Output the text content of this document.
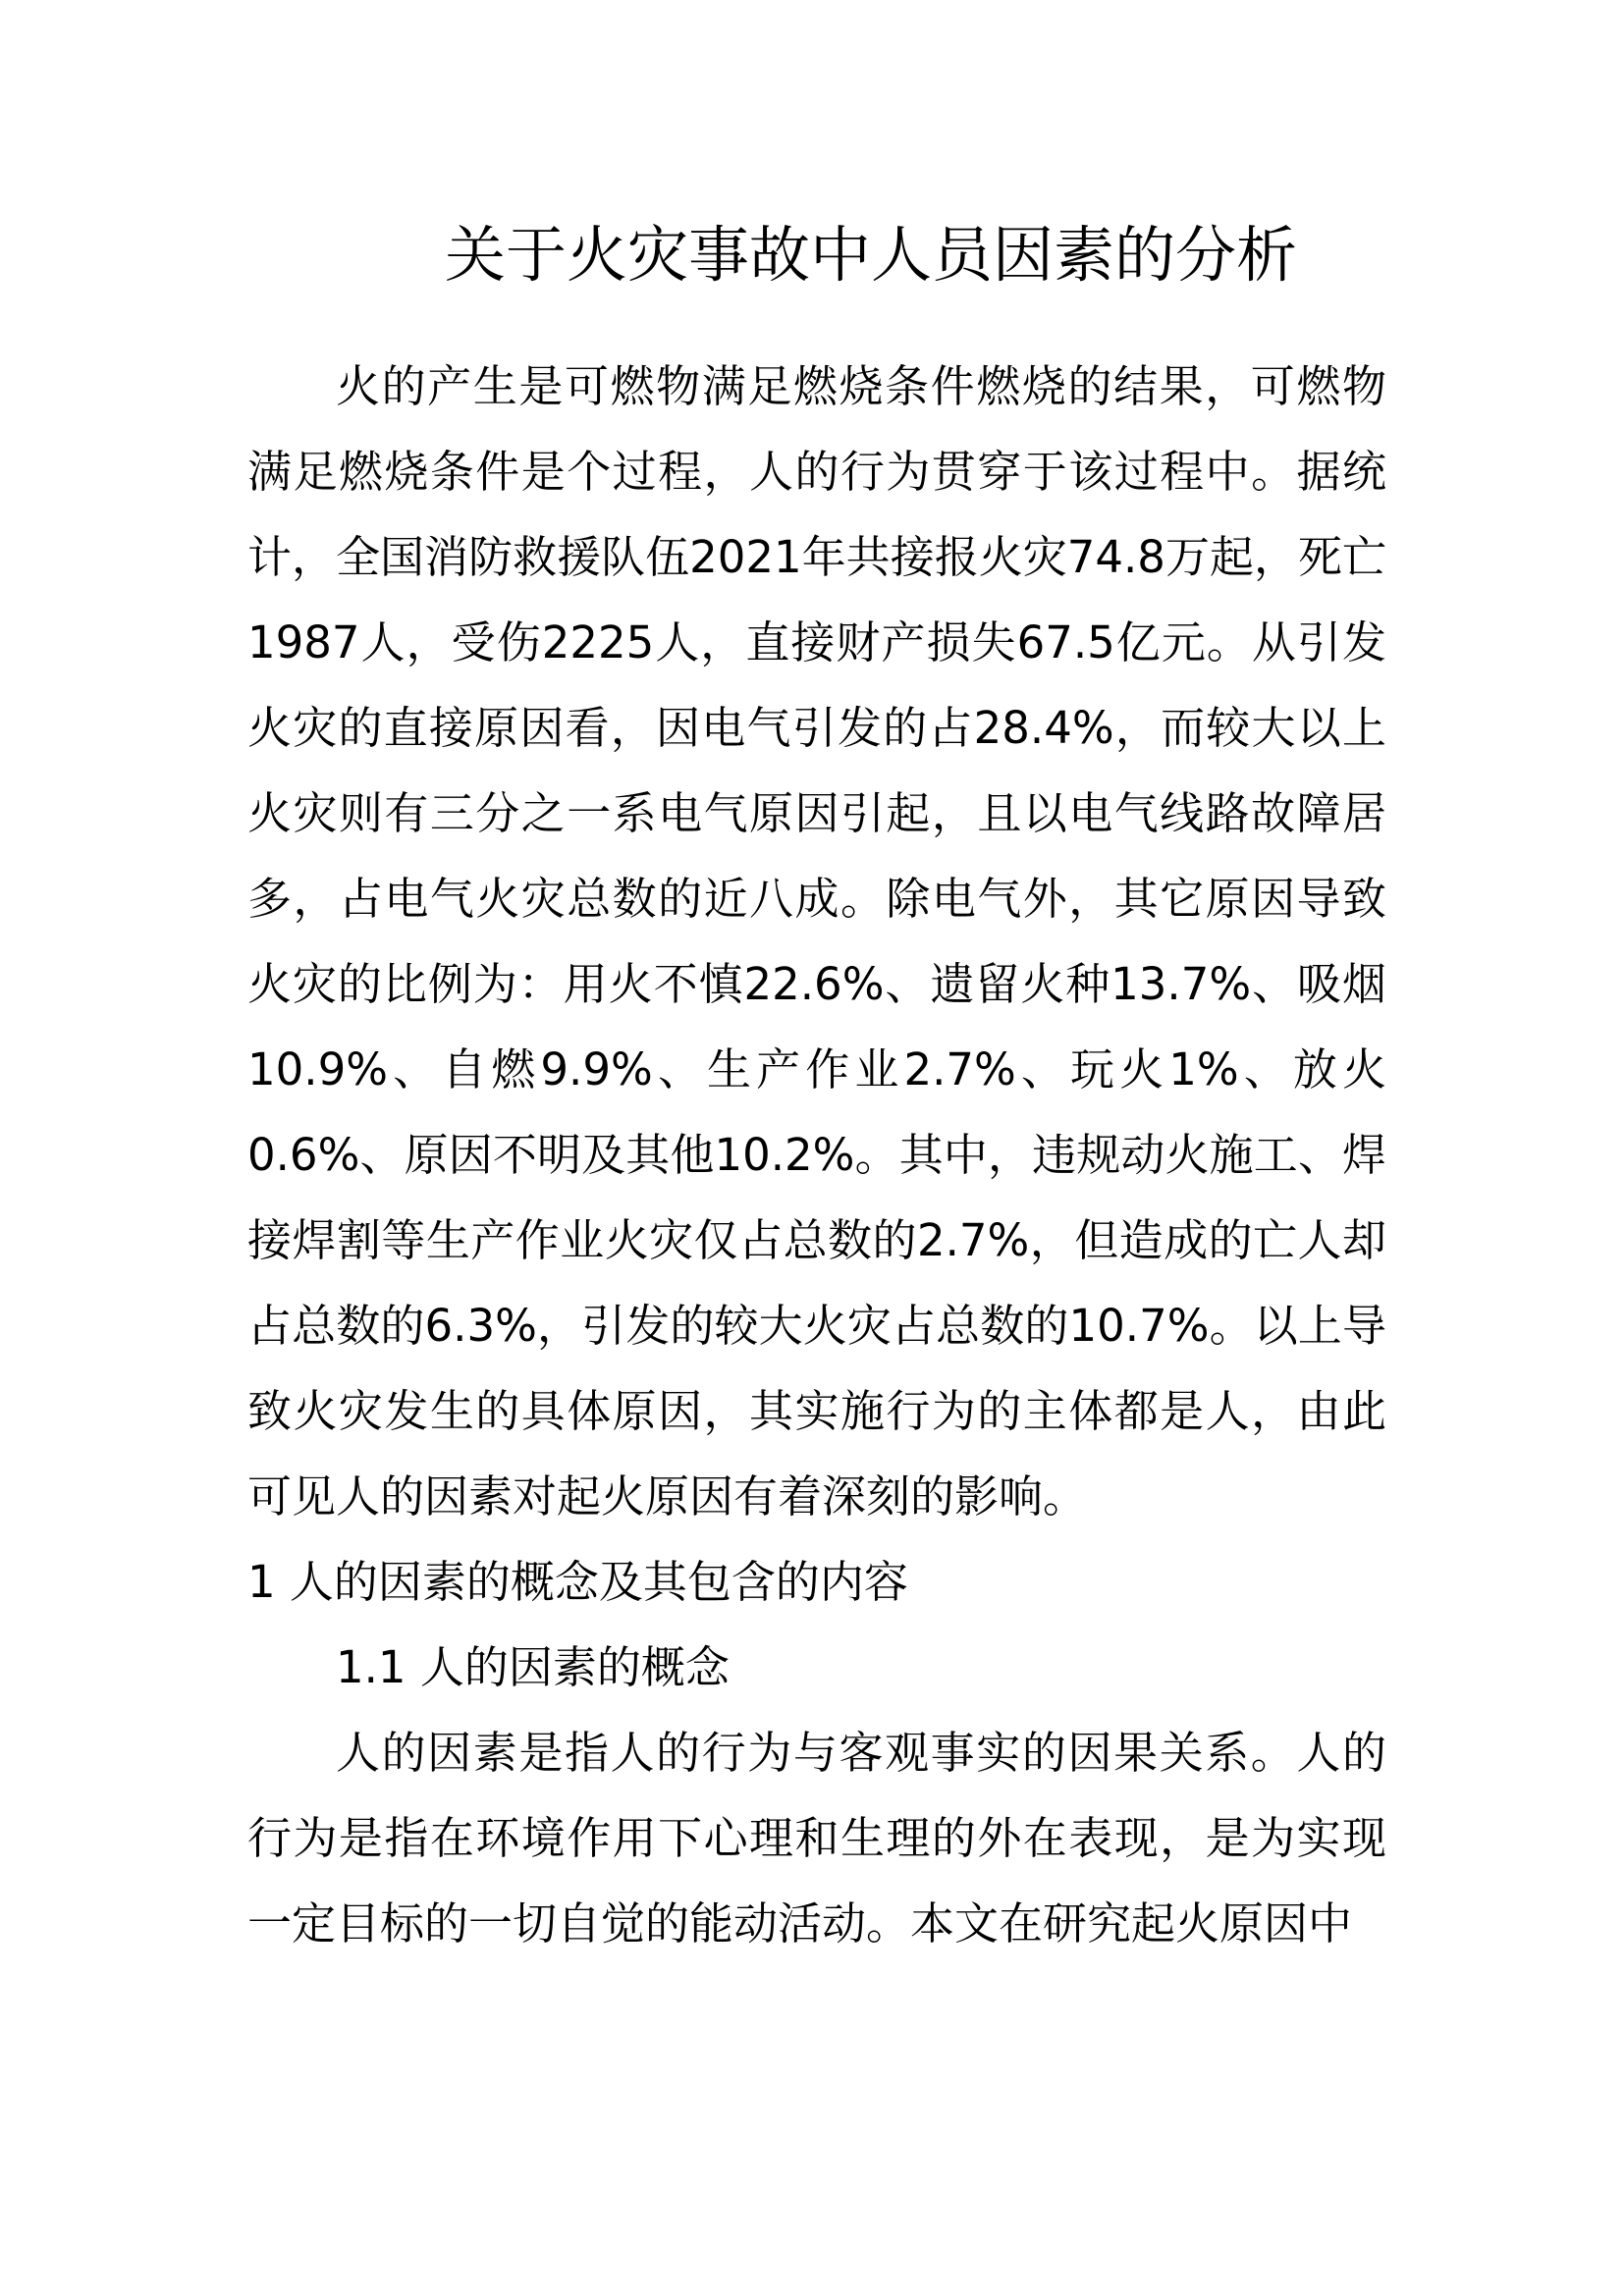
关于火灾事故中人员因素的分析

火的产生是可燃物满足燃烧条件燃烧的结果，可燃物满足燃烧条件是个过程，人的行为贯穿于该过程中。据统计，全国消防救援队伍2021年共接报火灾74.8万起，死亡1987人，受伤2225人，直接财产损失67.5亿元。从引发火灾的直接原因看，因电气引发的占28.4%，而较大以上火灾则有三分之一系电气原因引起，且以电气线路故障居多，占电气火灾总数的近八成。除电气外，其它原因导致火灾的比例为：用火不慎22.6%、遗留火种13.7%、吸烟10.9%、自燃9.9%、生产作业2.7%、玩火1%、放火0.6%、原因不明及其他10.2%。其中，违规动火施工、焊接焊割等生产作业火灾仅占总数的2.7%，但造成的亡人却占总数的6.3%，引发的较大火灾占总数的10.7%。以上导致火灾发生的具体原因，其实施行为的主体都是人，由此可见人的因素对起火原因有着深刻的影响。

1 人的因素的概念及其包含的内容

1.1 人的因素的概念

人的因素是指人的行为与客观事实的因果关系。人的行为是指在环境作用下心理和生理的外在表现，是为实现一定目标的一切自觉的能动活动。本文在研究起火原因中
